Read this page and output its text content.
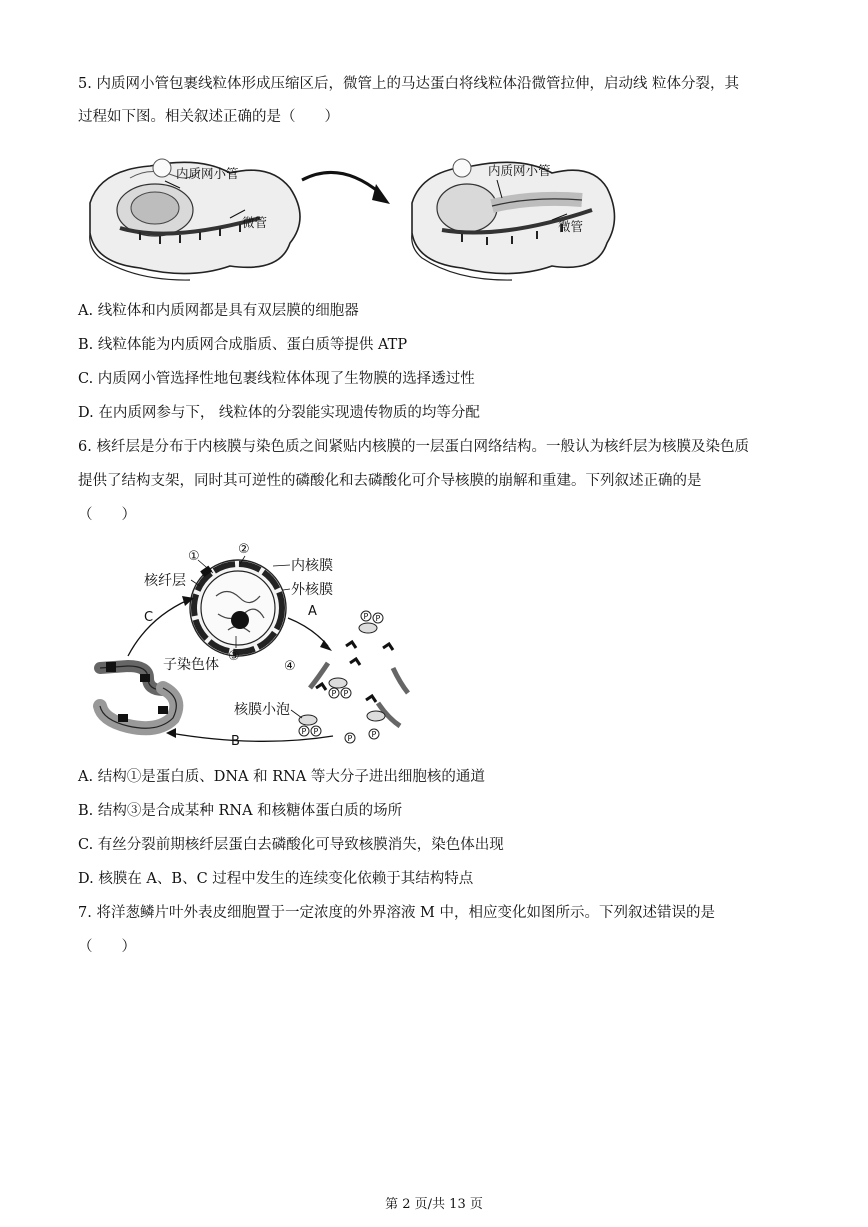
5. 内质网小管包裹线粒体形成压缩区后，微管上的马达蛋白将线粒体沿微管拉伸，启动线 粒体分裂，其
过程如下图。相关叙述正确的是（　　）
内质网小管
微管
内质网小管
微管
A. 线粒体和内质网都是具有双层膜的细胞器
B. 线粒体能为内质网合成脂质、蛋白质等提供 ATP
C. 内质网小管选择性地包裹线粒体体现了生物膜的选择透过性
D. 在内质网参与下， 线粒体的分裂能实现遗传物质的均等分配
6. 核纤层是分布于内核膜与染色质之间紧贴内核膜的一层蛋白网络结构。一般认为核纤层为核膜及染色质
提供了结构支架，同时其可逆性的磷酸化和去磷酸化可介导核膜的崩解和重建。下列叙述正确的是
（　　）
①	②
③
内核膜
外核膜
核纤层
A
C
B
子染色体
P P
P P
P P
P P
④
核膜小泡
A. 结构①是蛋白质、DNA 和 RNA 等大分子进出细胞核的通道
B. 结构③是合成某种 RNA 和核糖体蛋白质的场所
C. 有丝分裂前期核纤层蛋白去磷酸化可导致核膜消失，染色体出现
D. 核膜在 A、B、C 过程中发生的连续变化依赖于其结构特点
7. 将洋葱鳞片叶外表皮细胞置于一定浓度的外界溶液 M 中，相应变化如图所示。下列叙述错误的是
（　　）
第 2 页/共 13 页
